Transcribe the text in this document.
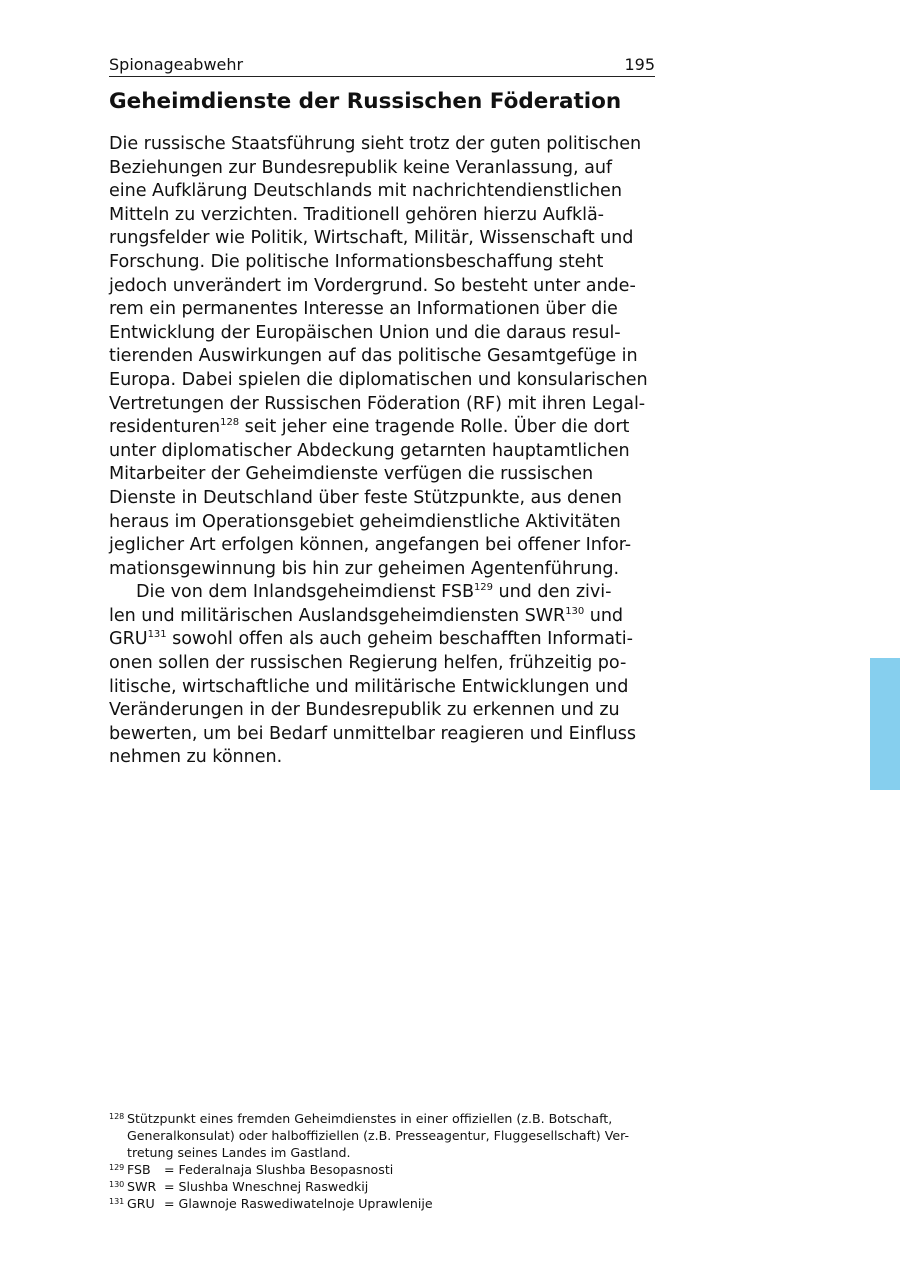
Spionageabwehr	195
Geheimdienste der Russischen Föderation
Die russische Staatsführung sieht trotz der guten politischen
Beziehungen zur Bundesrepublik keine Veranlassung, auf
eine Aufklärung Deutschlands mit nachrichtendienstlichen
Mitteln zu verzichten. Traditionell gehören hierzu Aufklä-
rungsfelder wie Politik, Wirtschaft, Militär, Wissenschaft und
Forschung. Die politische Informationsbeschaffung steht
jedoch unverändert im Vordergrund. So besteht unter ande-
rem ein permanentes Interesse an Informationen über die
Entwicklung der Europäischen Union und die daraus resul-
tierenden Auswirkungen auf das politische Gesamtgefüge in
Europa. Dabei spielen die diplomatischen und konsularischen
Vertretungen der Russischen Föderation (RF) mit ihren Legal-
residenturen$^{128}$ seit jeher eine tragende Rolle. Über die dort
unter diplomatischer Abdeckung getarnten hauptamtlichen
Mitarbeiter der Geheimdienste verfügen die russischen
Dienste in Deutschland über feste Stützpunkte, aus denen
heraus im Operationsgebiet geheimdienstliche Aktivitäten
jeglicher Art erfolgen können, angefangen bei offener Infor-
mationsgewinnung bis hin zur geheimen Agentenführung.
Die von dem Inlandsgeheimdienst FSB$^{129}$ und den zivi-
len und militärischen Auslandsgeheimdiensten SWR$^{130}$ und
GRU$^{131}$ sowohl offen als auch geheim beschafften Informati-
onen sollen der russischen Regierung helfen, frühzeitig po-
litische, wirtschaftliche und militärische Entwicklungen und
Veränderungen in der Bundesrepublik zu erkennen und zu
bewerten, um bei Bedarf unmittelbar reagieren und Einfluss
nehmen zu können.
128 Stützpunkt eines fremden Geheimdienstes in einer offiziellen (z.B. Botschaft,
Generalkonsulat) oder halboffiziellen (z.B. Presseagentur, Fluggesellschaft) Ver-
tretung seines Landes im Gastland.
129 FSB = Federalnaja Slushba Besopasnosti
130 SWR = Slushba Wneschnej Raswedkij
131 GRU = Glawnoje Raswediwatelnoje Uprawlenije
